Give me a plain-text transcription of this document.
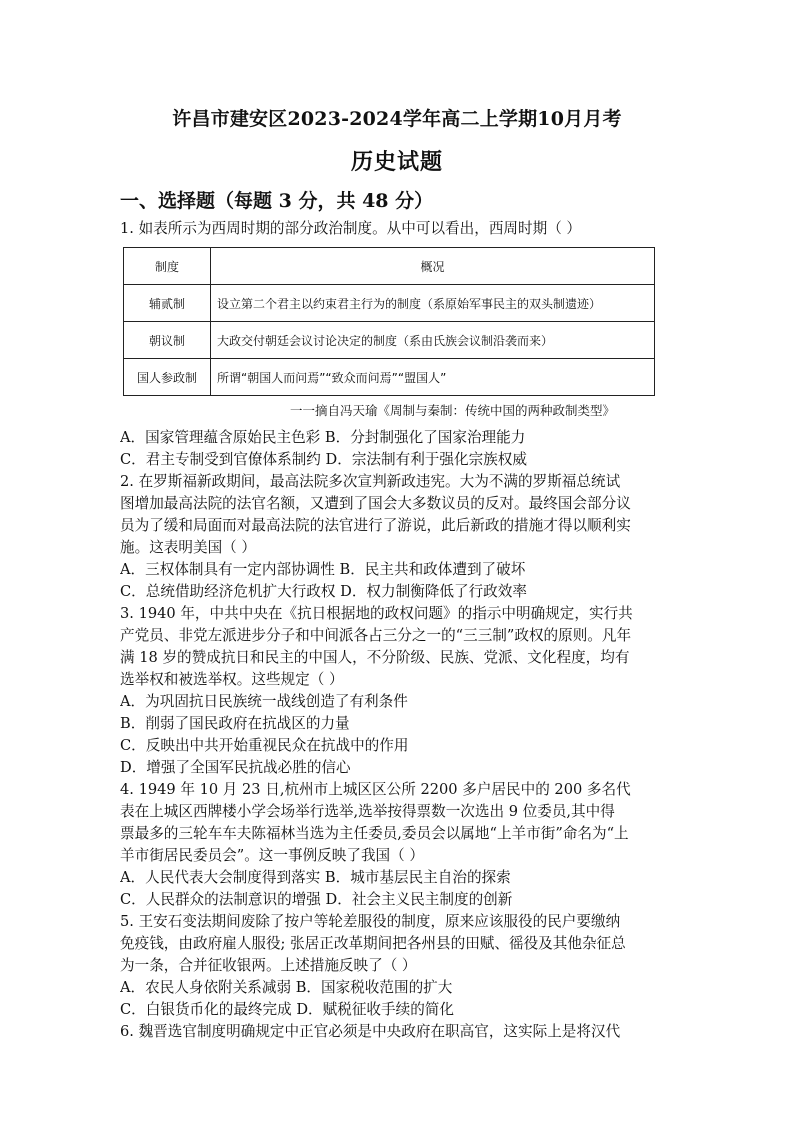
许昌市建安区2023-2024学年高二上学期10月月考
历史试题
一、选择题（每题 3 分，共 48 分）
1. 如表所示为西周时期的部分政治制度。从中可以看出，西周时期（ ）
制度	概况
辅贰制	设立第二个君主以约束君主行为的制度（系原始军事民主的双头制遗迹）
朝议制	大政交付朝廷会议讨论决定的制度（系由氏族会议制沿袭而来）
国人参政制	所谓“朝国人而问焉”“致众而问焉”“盟国人”
一一摘自冯天瑜《周制与秦制：传统中国的两种政制类型》
A．国家管理蕴含原始民主色彩 B．分封制强化了国家治理能力
C．君主专制受到官僚体系制约 D．宗法制有利于强化宗族权威
2. 在罗斯福新政期间，最高法院多次宣判新政违宪。大为不满的罗斯福总统试
图增加最高法院的法官名额，又遭到了国会大多数议员的反对。最终国会部分议
员为了缓和局面而对最高法院的法官进行了游说，此后新政的措施才得以顺利实
施。这表明美国（ ）
A．三权体制具有一定内部协调性 B．民主共和政体遭到了破坏
C．总统借助经济危机扩大行政权 D．权力制衡降低了行政效率
3. 1940 年，中共中央在《抗日根据地的政权问题》的指示中明确规定，实行共
产党员、非党左派进步分子和中间派各占三分之一的“三三制”政权的原则。凡年
满 18 岁的赞成抗日和民主的中国人，不分阶级、民族、党派、文化程度，均有
选举权和被选举权。这些规定（ ）
A．为巩固抗日民族统一战线创造了有利条件
B．削弱了国民政府在抗战区的力量
C．反映出中共开始重视民众在抗战中的作用
D．增强了全国军民抗战必胜的信心
4. 1949 年 10 月 23 日,杭州市上城区区公所 2200 多户居民中的 200 多名代
表在上城区西牌楼小学会场举行选举,选举按得票数一次选出 9 位委员,其中得
票最多的三轮车车夫陈福林当选为主任委员,委员会以属地“上羊市街”命名为“上
羊市街居民委员会”。这一事例反映了我国（ ）
A．人民代表大会制度得到落实 B．城市基层民主自治的探索
C．人民群众的法制意识的增强 D．社会主义民主制度的创新
5. 王安石变法期间废除了按户等轮差服役的制度，原来应该服役的民户要缴纳
免疫钱，由政府雇人服役; 张居正改革期间把各州县的田赋、徭役及其他杂征总
为一条，合并征收银两。上述措施反映了（ ）
A．农民人身依附关系减弱 B．国家税收范围的扩大
C．白银货币化的最终完成 D．赋税征收手续的简化
6. 魏晋选官制度明确规定中正官必须是中央政府在职高官，这实际上是将汉代
